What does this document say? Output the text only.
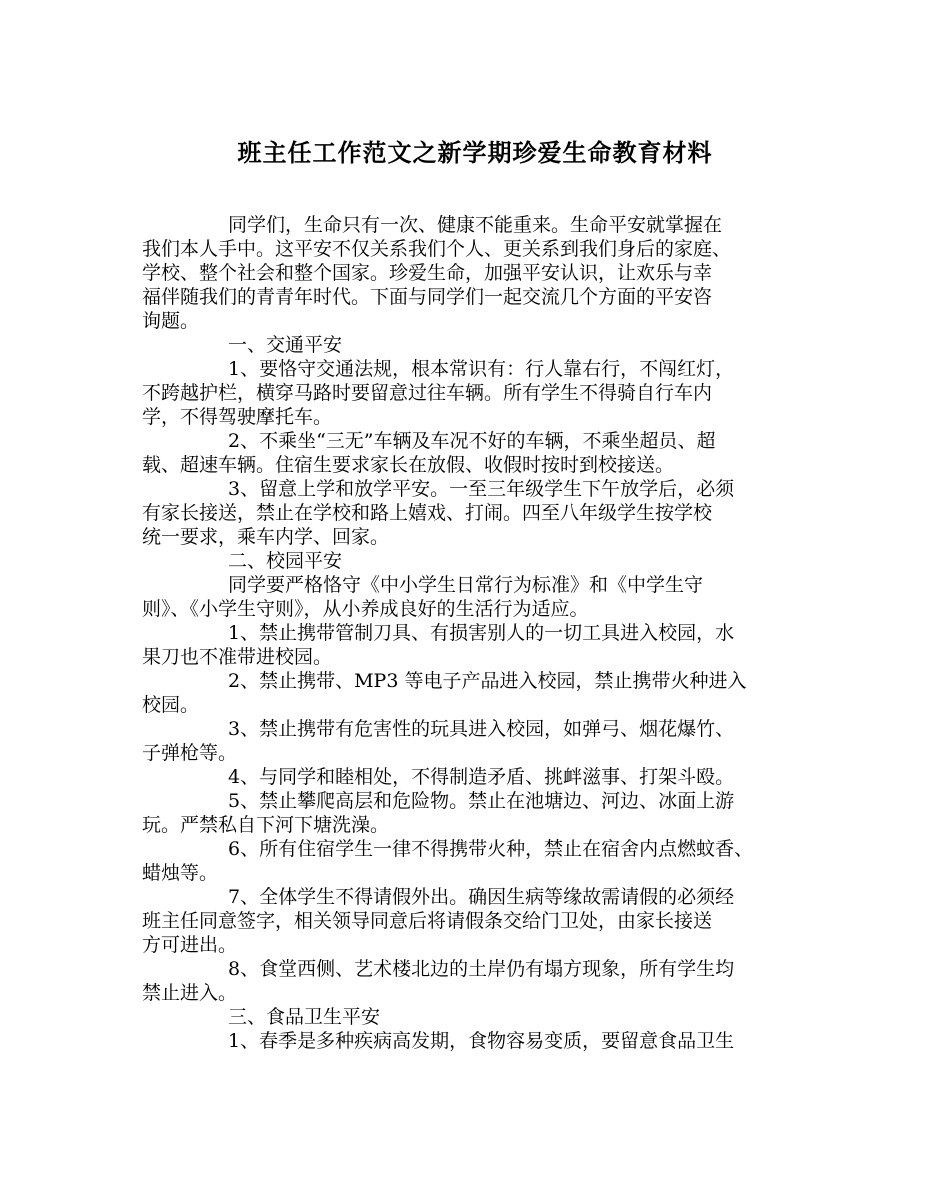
班主任工作范文之新学期珍爱生命教育材料
同学们，生命只有一次、健康不能重来。生命平安就掌握在
我们本人手中。这平安不仅关系我们个人、更关系到我们身后的家庭、
学校、整个社会和整个国家。珍爱生命，加强平安认识，让欢乐与幸
福伴随我们的青青年时代。下面与同学们一起交流几个方面的平安咨
询题。
一、交通平安
1、要恪守交通法规，根本常识有：行人靠右行，不闯红灯，
不跨越护栏，横穿马路时要留意过往车辆。所有学生不得骑自行车内
学，不得驾驶摩托车。
2、不乘坐“三无”车辆及车况不好的车辆，不乘坐超员、超
载、超速车辆。住宿生要求家长在放假、收假时按时到校接送。
3、留意上学和放学平安。一至三年级学生下午放学后，必须
有家长接送，禁止在学校和路上嬉戏、打闹。四至八年级学生按学校
统一要求，乘车内学、回家。
二、校园平安
同学要严格恪守《中小学生日常行为标准》和《中学生守
则》、《小学生守则》，从小养成良好的生活行为适应。
1、禁止携带管制刀具、有损害别人的一切工具进入校园，水
果刀也不准带进校园。
2、禁止携带、MP3 等电子产品进入校园，禁止携带火种进入
校园。
3、禁止携带有危害性的玩具进入校园，如弹弓、烟花爆竹、
子弹枪等。
4、与同学和睦相处，不得制造矛盾、挑衅滋事、打架斗殴。
5、禁止攀爬高层和危险物。禁止在池塘边、河边、冰面上游
玩。严禁私自下河下塘洗澡。
6、所有住宿学生一律不得携带火种，禁止在宿舍内点燃蚊香、
蜡烛等。
7、全体学生不得请假外出。确因生病等缘故需请假的必须经
班主任同意签字，相关领导同意后将请假条交给门卫处，由家长接送
方可进出。
8、食堂西侧、艺术楼北边的土岸仍有塌方现象，所有学生均
禁止进入。
三、食品卫生平安
1、春季是多种疾病高发期，食物容易变质，要留意食品卫生
